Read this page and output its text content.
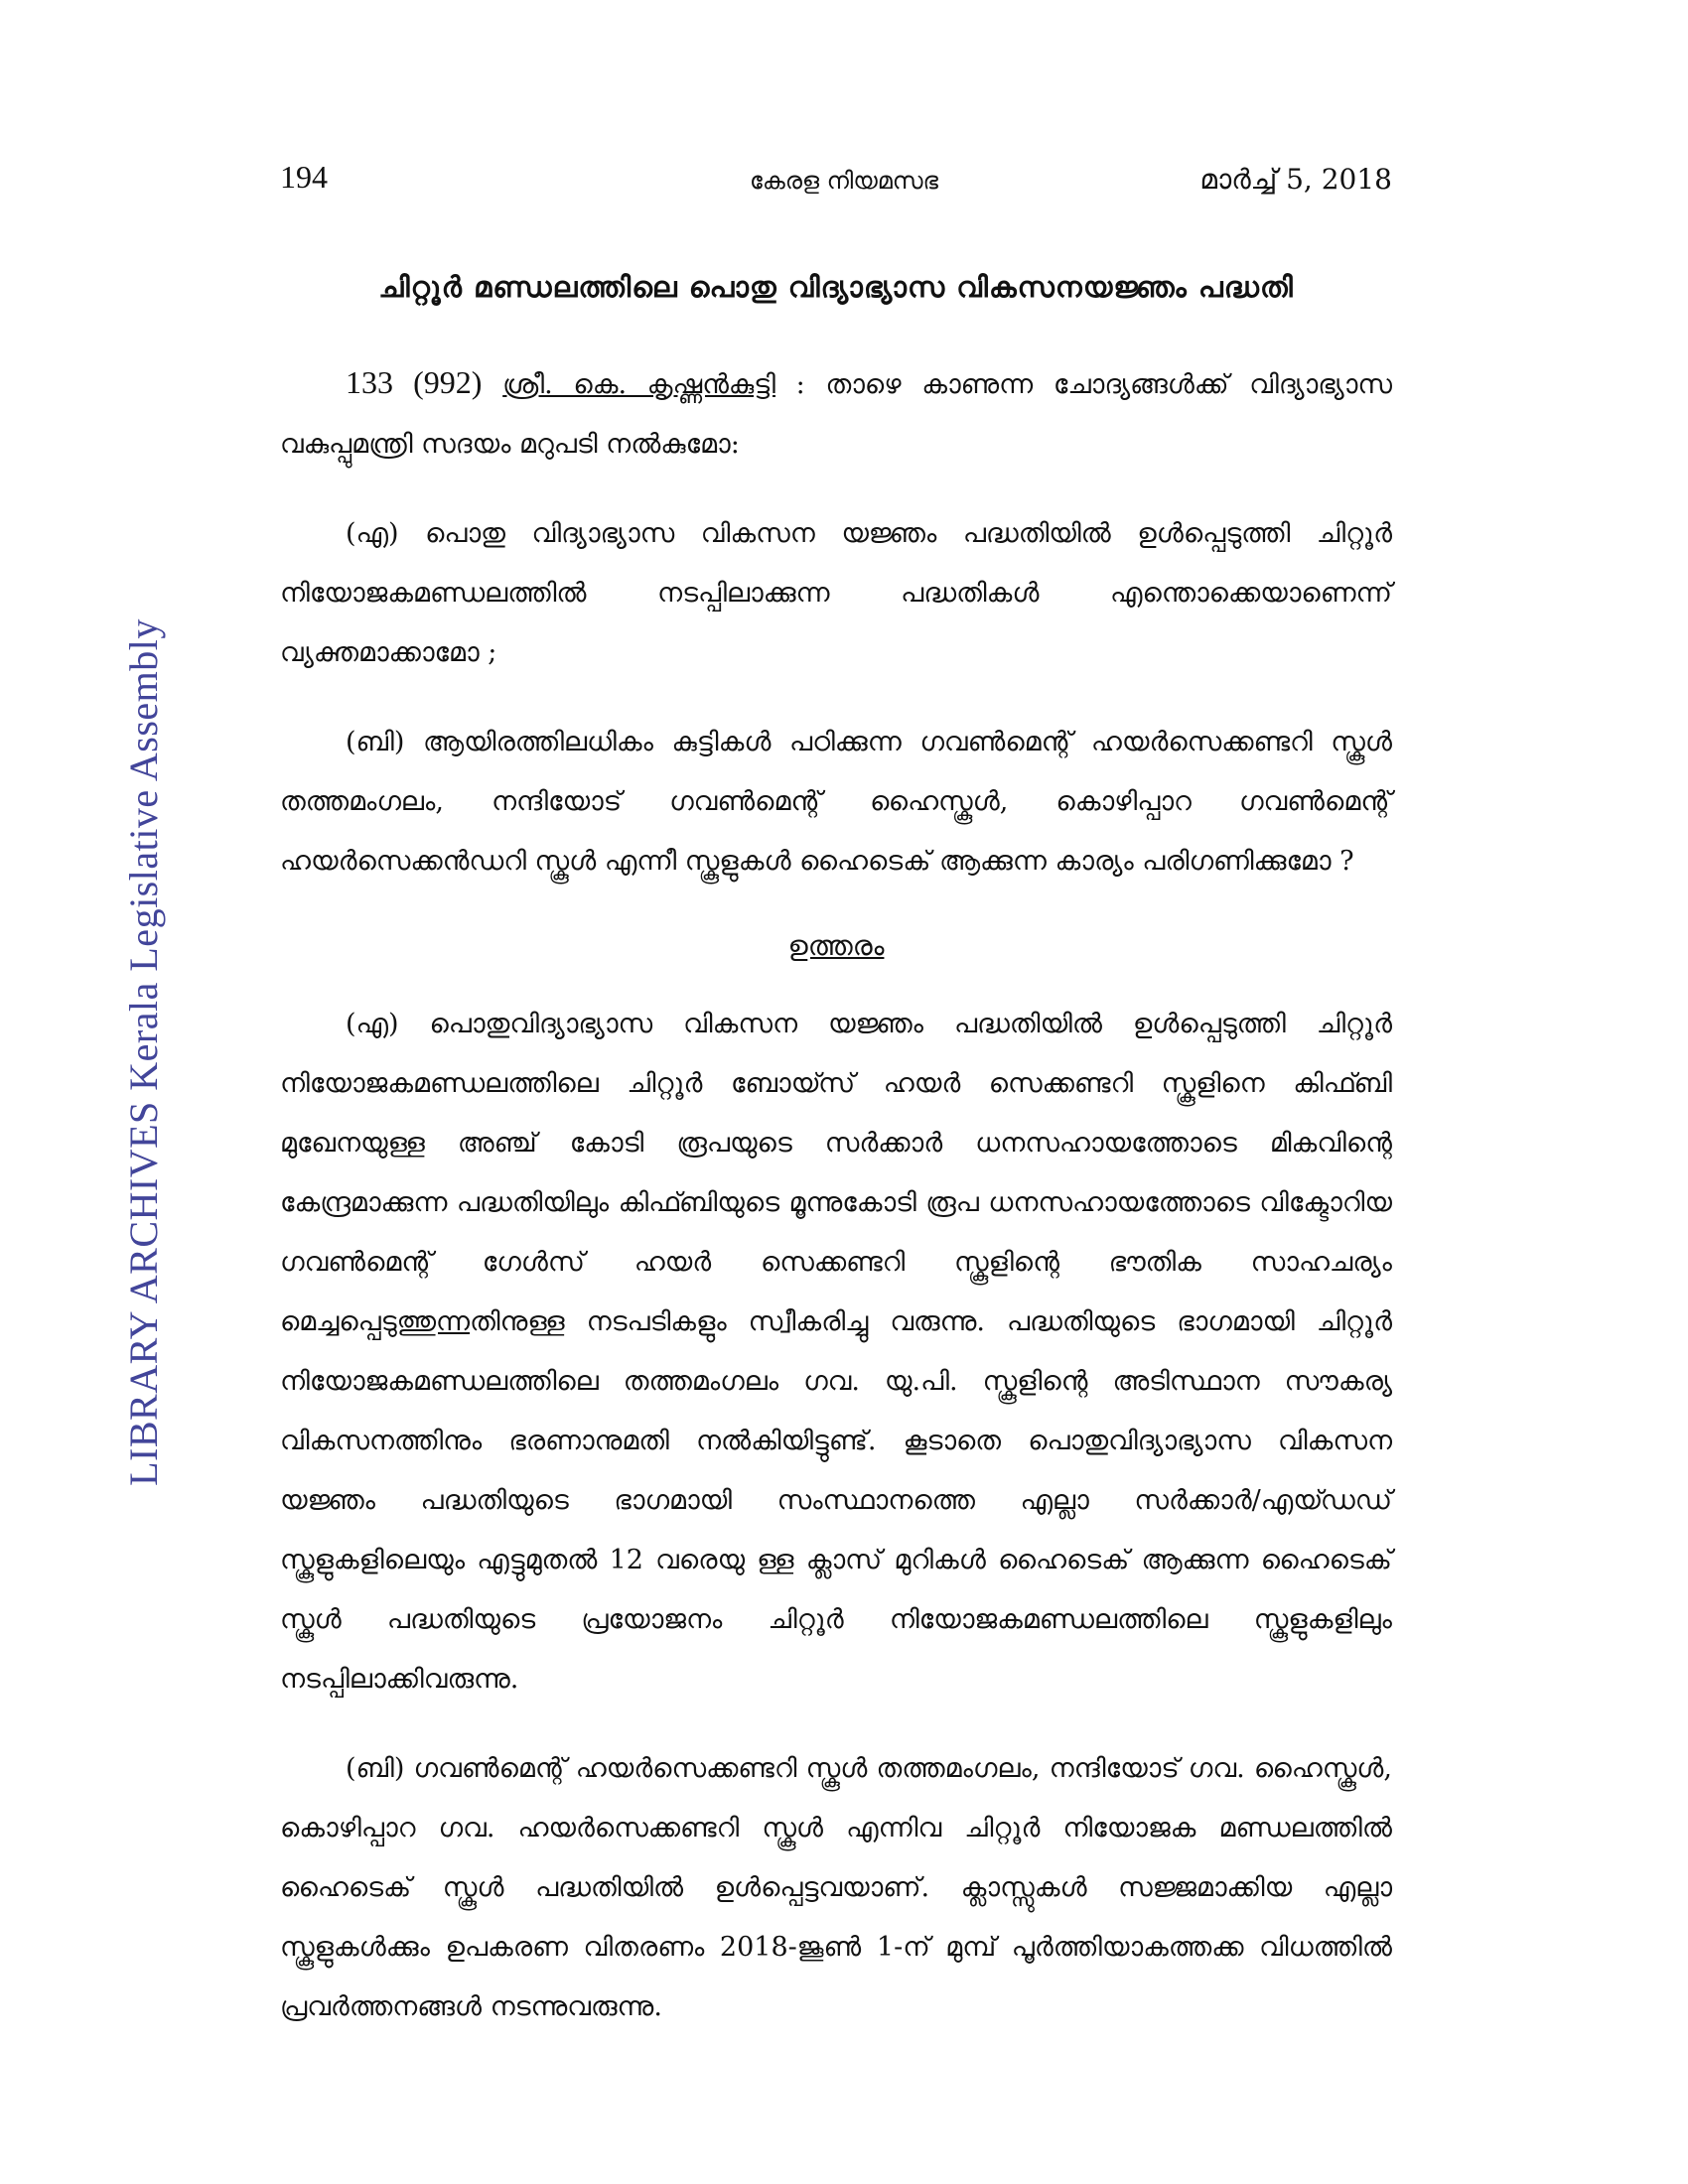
194	കേരള നിയമസഭ	മാർച്ച് 5, 2018
LIBRARY ARCHIVES Kerala Legislative Assembly
ചിറ്റൂർ മണ്ഡലത്തിലെ പൊതു വിദ്യാഭ്യാസ വികസനയജ്ഞം പദ്ധതി

133 (992) ശ്രീ. കെ. കൃഷ്ണൻകുട്ടി : താഴെ കാണുന്ന ചോദ്യങ്ങൾക്ക് വിദ്യാഭ്യാസ വകുപ്പുമന്ത്രി സദയം മറുപടി നൽകുമോ:

(എ) പൊതു വിദ്യാഭ്യാസ വികസന യജ്ഞം പദ്ധതിയിൽ ഉൾപ്പെടുത്തി ചിറ്റൂർ നിയോജകമണ്ഡലത്തിൽ നടപ്പിലാക്കുന്ന പദ്ധതികൾ എന്തൊക്കെയാണെന്ന് വ്യക്തമാക്കാമോ ;

(ബി) ആയിരത്തിലധികം കുട്ടികൾ പഠിക്കുന്ന ഗവൺമെന്റ് ഹയർസെക്കണ്ടറി സ്കൂൾ തത്തമംഗലം, നന്ദിയോട് ഗവൺമെന്റ് ഹൈസ്കൂൾ, കൊഴിപ്പാറ ഗവൺമെന്റ് ഹയർസെക്കൻഡറി സ്കൂൾ എന്നീ സ്കൂളുകൾ ഹൈടെക് ആക്കുന്ന കാര്യം പരിഗണിക്കുമോ ?

ഉത്തരം

(എ) പൊതുവിദ്യാഭ്യാസ വികസന യജ്ഞം പദ്ധതിയിൽ ഉൾപ്പെടുത്തി ചിറ്റൂർ നിയോജകമണ്ഡലത്തിലെ ചിറ്റൂർ ബോയ്സ് ഹയർ സെക്കണ്ടറി സ്കൂളിനെ കിഫ്ബി മുഖേനയുള്ള അഞ്ച് കോടി രൂപയുടെ സർക്കാർ ധനസഹായത്തോടെ മികവിന്റെ കേന്ദ്രമാക്കുന്ന പദ്ധതിയിലും കിഫ്ബിയുടെ മൂന്നുകോടി രൂപ ധനസഹായത്തോടെ വിക്ടോറിയ ഗവൺമെന്റ് ഗേൾസ് ഹയർ സെക്കണ്ടറി സ്കൂളിന്റെ ഭൗതിക സാഹചര്യം മെച്ചപ്പെടുത്തുന്നതിനുള്ള നടപടികളും സ്വീകരിച്ചു വരുന്നു. പദ്ധതിയുടെ ഭാഗമായി ചിറ്റൂർ നിയോജകമണ്ഡലത്തിലെ തത്തമംഗലം ഗവ. യു.പി. സ്കൂളിന്റെ അടിസ്ഥാന സൗകര്യ വികസനത്തിനും ഭരണാനുമതി നൽകിയിട്ടുണ്ട്. കൂടാതെ പൊതുവിദ്യാഭ്യാസ വികസന യജ്ഞം പദ്ധതിയുടെ ഭാഗമായി സംസ്ഥാനത്തെ എല്ലാ സർക്കാർ/എയ്ഡഡ് സ്കൂളുകളിലെയും എട്ടുമുതൽ 12 വരെയു ള്ള ക്ലാസ് മുറികൾ ഹൈടെക് ആക്കുന്ന ഹൈടെക് സ്കൂൾ പദ്ധതിയുടെ പ്രയോജനം ചിറ്റൂർ നിയോജകമണ്ഡലത്തിലെ സ്കൂളുകളിലും നടപ്പിലാക്കിവരുന്നു.

(ബി) ഗവൺമെന്റ് ഹയർസെക്കണ്ടറി സ്കൂൾ തത്തമംഗലം, നന്ദിയോട് ഗവ. ഹൈസ്കൂൾ, കൊഴിപ്പാറ ഗവ. ഹയർസെക്കണ്ടറി സ്കൂൾ എന്നിവ ചിറ്റൂർ നിയോജക മണ്ഡലത്തിൽ ഹൈടെക് സ്കൂൾ പദ്ധതിയിൽ ഉൾപ്പെട്ടവയാണ്. ക്ലാസ്സുകൾ സജ്ജമാക്കിയ എല്ലാ സ്കൂളുകൾക്കും ഉപകരണ വിതരണം 2018-ജൂൺ 1-ന് മുമ്പ് പൂർത്തിയാകത്തക്ക വിധത്തിൽ പ്രവർത്തനങ്ങൾ നടന്നുവരുന്നു.
